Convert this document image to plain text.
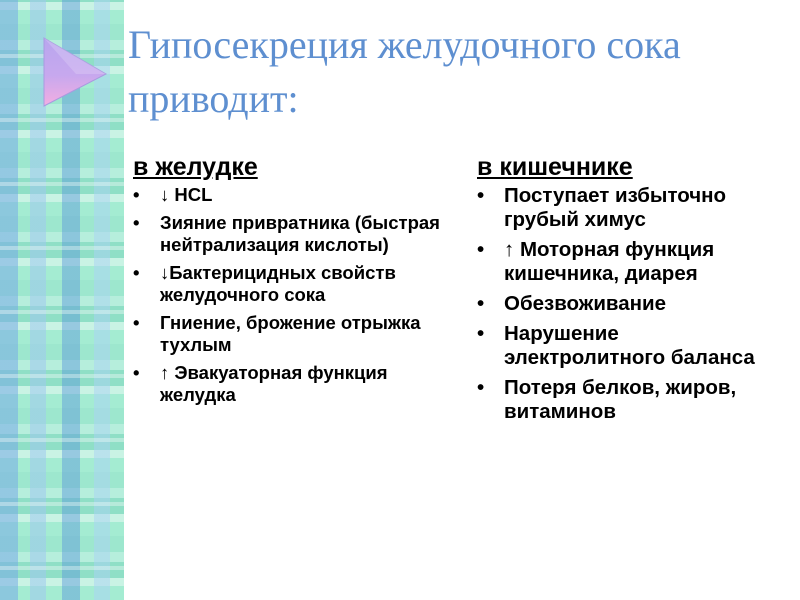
Гипосекреция желудочного сока приводит:
в желудке
• ↓ HCL
• Зияние привратника (быстрая нейтрализация кислоты)
• ↓Бактерицидных свойств желудочного сока
• Гниение, брожение отрыжка тухлым
• ↑ Эвакуаторная функция желудка
в кишечнике
• Поступает избыточно грубый химус
• ↑ Моторная функция кишечника, диарея
• Обезвоживание
• Нарушение электролитного баланса
• Потеря белков, жиров, витаминов
